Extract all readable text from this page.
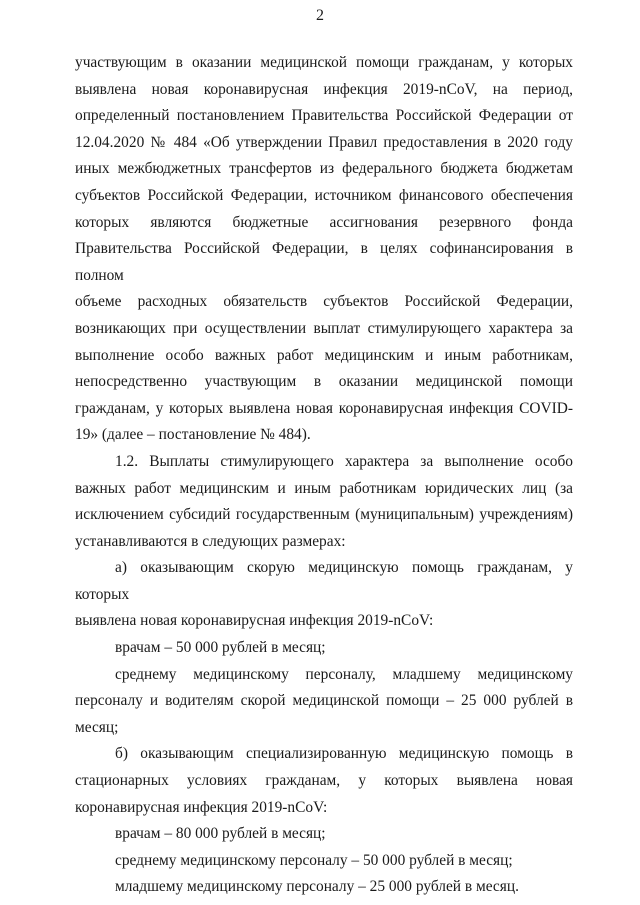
2
участвующим в оказании медицинской помощи гражданам, у которых
выявлена новая коронавирусная инфекция 2019-nCoV, на период,
определенный постановлением Правительства Российской Федерации от
12.04.2020 № 484 «Об утверждении Правил предоставления в 2020 году
иных межбюджетных трансфертов из федерального бюджета бюджетам
субъектов Российской Федерации, источником финансового обеспечения
которых являются бюджетные ассигнования резервного фонда
Правительства Российской Федерации, в целях софинансирования в полном
объеме расходных обязательств субъектов Российской Федерации,
возникающих при осуществлении выплат стимулирующего характера за
выполнение особо важных работ медицинским и иным работникам,
непосредственно участвующим в оказании медицинской помощи
гражданам, у которых выявлена новая коронавирусная инфекция COVID-
19» (далее – постановление № 484).
1.2. Выплаты стимулирующего характера за выполнение особо
важных работ медицинским и иным работникам юридических лиц (за
исключением субсидий государственным (муниципальным) учреждениям)
устанавливаются в следующих размерах:
а) оказывающим скорую медицинскую помощь гражданам, у которых
выявлена новая коронавирусная инфекция 2019-nCoV:
врачам – 50 000 рублей в месяц;
среднему медицинскому персоналу, младшему медицинскому
персоналу и водителям скорой медицинской помощи – 25 000 рублей в
месяц;
б) оказывающим специализированную медицинскую помощь в
стационарных условиях гражданам, у которых выявлена новая
коронавирусная инфекция 2019-nCoV:
врачам – 80 000 рублей в месяц;
среднему медицинскому персоналу – 50 000 рублей в месяц;
младшему медицинскому персоналу – 25 000 рублей в месяц.
